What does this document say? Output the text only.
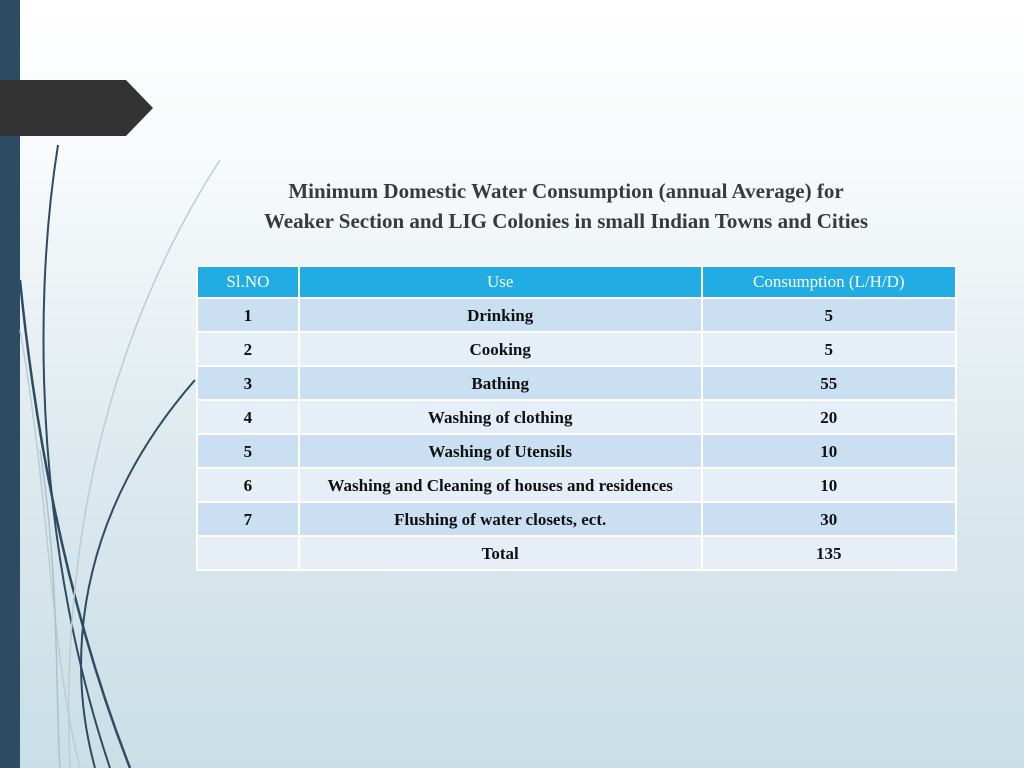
Minimum Domestic Water Consumption (annual Average) for
Weaker Section and LIG Colonies in small Indian Towns and Cities
Sl.NO	Use	Consumption (L/H/D)
1	Drinking	5
2	Cooking	5
3	Bathing	55
4	Washing of clothing	20
5	Washing of Utensils	10
6	Washing and Cleaning of houses and residences	10
7	Flushing of water closets, ect.	30
	Total	135
